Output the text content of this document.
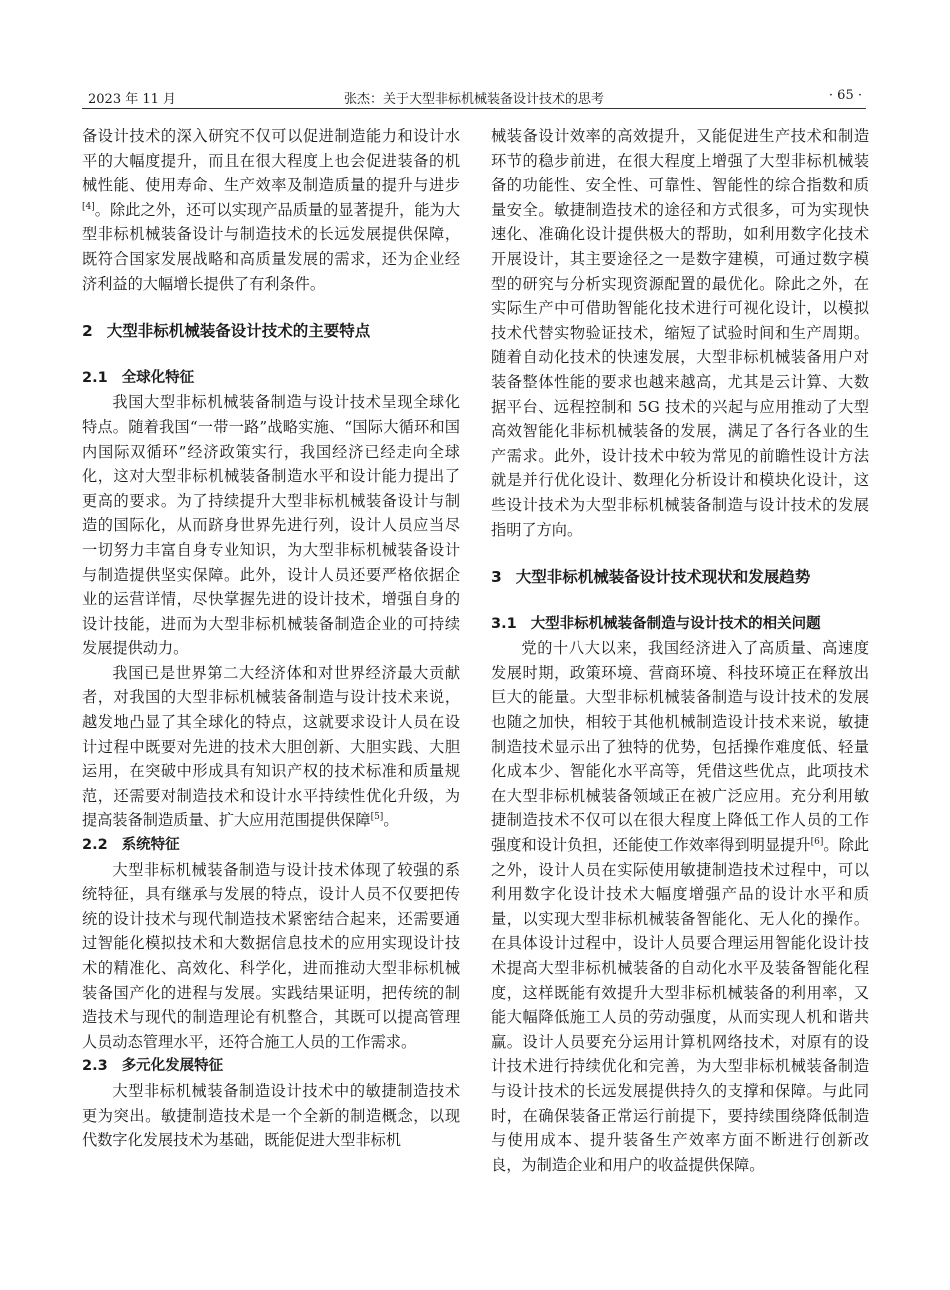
2023 年 11 月	张杰：关于大型非标机械装备设计技术的思考	· 65 ·

备设计技术的深入研究不仅可以促进制造能力和设计水平的大幅度提升，而且在很大程度上也会促进装备的机械性能、使用寿命、生产效率及制造质量的提升与进步[4]。除此之外，还可以实现产品质量的显著提升，能为大型非标机械装备设计与制造技术的长远发展提供保障，既符合国家发展战略和高质量发展的需求，还为企业经济利益的大幅增长提供了有利条件。

2 大型非标机械装备设计技术的主要特点
2.1 全球化特征

我国大型非标机械装备制造与设计技术呈现全球化特点。随着我国“一带一路”战略实施、“国际大循环和国内国际双循环”经济政策实行，我国经济已经走向全球化，这对大型非标机械装备制造水平和设计能力提出了更高的要求。为了持续提升大型非标机械装备设计与制造的国际化，从而跻身世界先进行列，设计人员应当尽一切努力丰富自身专业知识，为大型非标机械装备设计与制造提供坚实保障。此外，设计人员还要严格依据企业的运营详情，尽快掌握先进的设计技术，增强自身的设计技能，进而为大型非标机械装备制造企业的可持续发展提供动力。

我国已是世界第二大经济体和对世界经济最大贡献者，对我国的大型非标机械装备制造与设计技术来说，越发地凸显了其全球化的特点，这就要求设计人员在设计过程中既要对先进的技术大胆创新、大胆实践、大胆运用，在突破中形成具有知识产权的技术标准和质量规范，还需要对制造技术和设计水平持续性优化升级，为提高装备制造质量、扩大应用范围提供保障[5]。

2.2 系统特征

大型非标机械装备制造与设计技术体现了较强的系统特征，具有继承与发展的特点，设计人员不仅要把传统的设计技术与现代制造技术紧密结合起来，还需要通过智能化模拟技术和大数据信息技术的应用实现设计技术的精准化、高效化、科学化，进而推动大型非标机械装备国产化的进程与发展。实践结果证明，把传统的制造技术与现代的制造理论有机整合，其既可以提高管理人员动态管理水平，还符合施工人员的工作需求。

2.3 多元化发展特征

大型非标机械装备制造设计技术中的敏捷制造技术更为突出。敏捷制造技术是一个全新的制造概念，以现代数字化发展技术为基础，既能促进大型非标机

械装备设计效率的高效提升，又能促进生产技术和制造环节的稳步前进，在很大程度上增强了大型非标机械装备的功能性、安全性、可靠性、智能性的综合指数和质量安全。敏捷制造技术的途径和方式很多，可为实现快速化、准确化设计提供极大的帮助，如利用数字化技术开展设计，其主要途径之一是数字建模，可通过数字模型的研究与分析实现资源配置的最优化。除此之外，在实际生产中可借助智能化技术进行可视化设计，以模拟技术代替实物验证技术，缩短了试验时间和生产周期。随着自动化技术的快速发展，大型非标机械装备用户对装备整体性能的要求也越来越高，尤其是云计算、大数据平台、远程控制和 5G 技术的兴起与应用推动了大型高效智能化非标机械装备的发展，满足了各行各业的生产需求。此外，设计技术中较为常见的前瞻性设计方法就是并行优化设计、数理化分析设计和模块化设计，这些设计技术为大型非标机械装备制造与设计技术的发展指明了方向。

3 大型非标机械装备设计技术现状和发展趋势
3.1 大型非标机械装备制造与设计技术的相关问题

党的十八大以来，我国经济进入了高质量、高速度发展时期，政策环境、营商环境、科技环境正在释放出巨大的能量。大型非标机械装备制造与设计技术的发展也随之加快，相较于其他机械制造设计技术来说，敏捷制造技术显示出了独特的优势，包括操作难度低、轻量化成本少、智能化水平高等，凭借这些优点，此项技术在大型非标机械装备领域正在被广泛应用。充分利用敏捷制造技术不仅可以在很大程度上降低工作人员的工作强度和设计负担，还能使工作效率得到明显提升[6]。除此之外，设计人员在实际使用敏捷制造技术过程中，可以利用数字化设计技术大幅度增强产品的设计水平和质量，以实现大型非标机械装备智能化、无人化的操作。在具体设计过程中，设计人员要合理运用智能化设计技术提高大型非标机械装备的自动化水平及装备智能化程度，这样既能有效提升大型非标机械装备的利用率，又能大幅降低施工人员的劳动强度，从而实现人机和谐共赢。设计人员要充分运用计算机网络技术，对原有的设计技术进行持续优化和完善，为大型非标机械装备制造与设计技术的长远发展提供持久的支撑和保障。与此同时，在确保装备正常运行前提下，要持续围绕降低制造与使用成本、提升装备生产效率方面不断进行创新改良，为制造企业和用户的收益提供保障。
